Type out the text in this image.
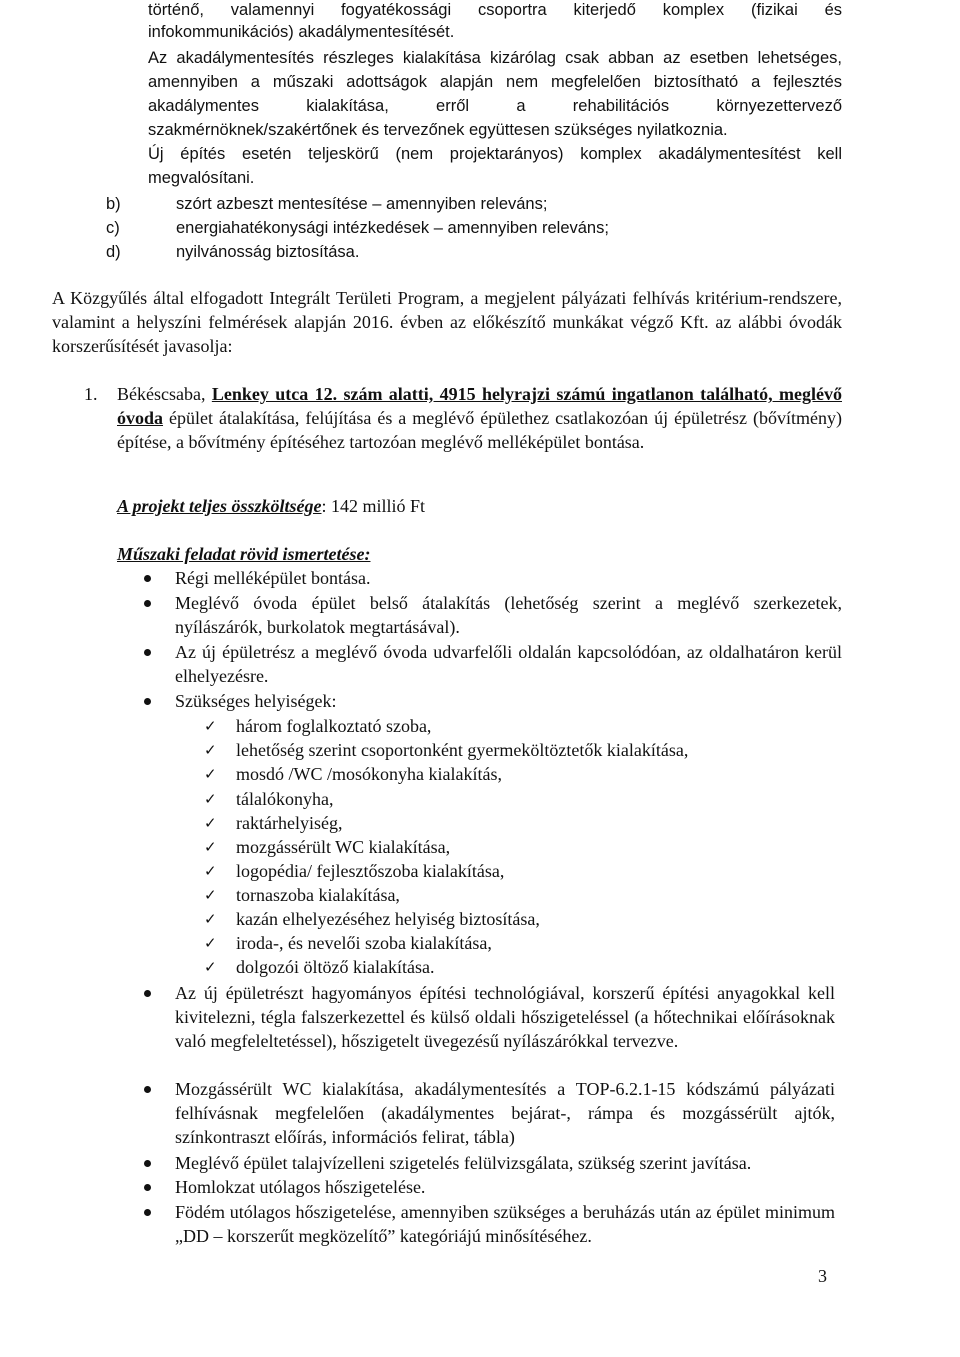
történő, valamennyi fogyatékossági csoportra kiterjedő komplex (fizikai és

infokommunikációs) akadálymentesítését.

Az akadálymentesítés részleges kialakítása kizárólag csak abban az esetben lehetséges, amennyiben a műszaki adottságok alapján nem megfelelően biztosítható a fejlesztés akadálymentes kialakítása, erről a rehabilitációs környezettervező szakmérnöknek/szakértőnek és tervezőnek együttesen szükséges nyilatkoznia.

Új építés esetén teljeskörű (nem projektarányos) komplex akadálymentesítést kell megvalósítani.

b)	szórt azbeszt mentesítése – amennyiben releváns;

c)	energiahatékonysági intézkedések – amennyiben releváns;

d)	nyilvánosság biztosítása.

A Közgyűlés által elfogadott Integrált Területi Program, a megjelent pályázati felhívás kritérium-rendszere, valamint a helyszíni felmérések alapján 2016. évben az előkészítő munkákat végző Kft. az alábbi óvodák korszerűsítését javasolja:

1. Békéscsaba, Lenkey utca 12. szám alatti, 4915 helyrajzi számú ingatlanon található, meglévő óvoda épület átalakítása, felújítása és a meglévő épülethez csatlakozóan új épületrész (bővítmény) építése, a bővítmény építéséhez tartozóan meglévő melléképület bontása.

A projekt teljes összköltsége: 142 millió Ft

Műszaki feladat rövid ismertetése:

Régi melléképület bontása.

Meglévő óvoda épület belső átalakítás (lehetőség szerint a meglévő szerkezetek, nyílászárók, burkolatok megtartásával).

Az új épületrész a meglévő óvoda udvarfelőli oldalán kapcsolódóan, az oldalhatáron kerül elhelyezésre.

Szükséges helyiségek:

✓ három foglalkoztató szoba,

✓ lehetőség szerint csoportonként gyermeköltöztetők kialakítása,

✓ mosdó /WC /mosókonyha kialakítás,

✓ tálalókonyha,

✓ raktárhelyiség,

✓ mozgássérült WC kialakítása,

✓ logopédia/ fejlesztőszoba kialakítása,

✓ tornaszoba kialakítása,

✓ kazán elhelyezéséhez helyiség biztosítása,

✓ iroda-, és nevelői szoba kialakítása,

✓ dolgozói öltöző kialakítása.

Az új épületrészt hagyományos építési technológiával, korszerű építési anyagokkal kell kivitelezni, tégla falszerkezettel és külső oldali hőszigeteléssel (a hőtechnikai előírásoknak való megfeleltetéssel), hőszigetelt üvegezésű nyílászárókkal tervezve.

Mozgássérült WC kialakítása, akadálymentesítés a TOP-6.2.1-15 kódszámú pályázati felhívásnak megfelelően (akadálymentes bejárat-, rámpa és mozgássérült ajtók, színkontraszt előírás, információs felirat, tábla)

Meglévő épület talajvízelleni szigetelés felülvizsgálata, szükség szerint javítása.

Homlokzat utólagos hőszigetelése.

Födém utólagos hőszigetelése, amennyiben szükséges a beruházás után az épület minimum „DD – korszerűt megközelítő” kategóriájú minősítéséhez.

3
